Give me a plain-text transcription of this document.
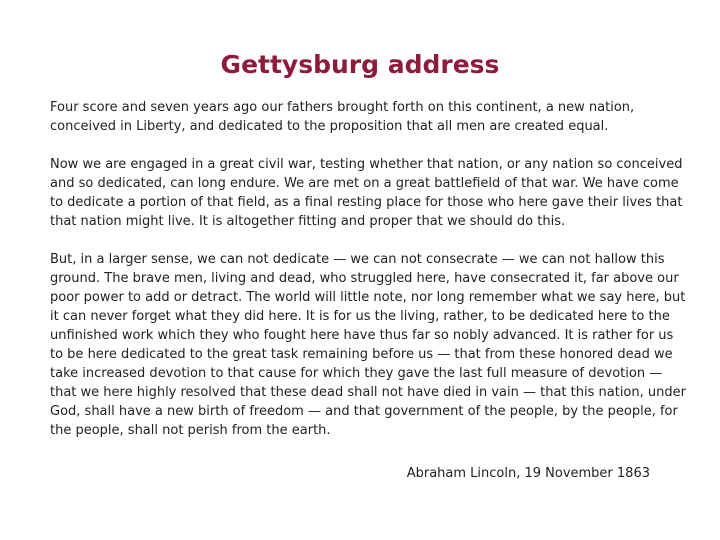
Gettysburg address

Four score and seven years ago our fathers brought forth on this continent, a new nation, conceived in Liberty, and dedicated to the proposition that all men are created equal.

Now we are engaged in a great civil war, testing whether that nation, or any nation so conceived and so dedicated, can long endure. We are met on a great battlefield of that war. We have come to dedicate a portion of that field, as a final resting place for those who here gave their lives that that nation might live. It is altogether fitting and proper that we should do this.

But, in a larger sense, we can not dedicate — we can not consecrate — we can not hallow this ground. The brave men, living and dead, who struggled here, have consecrated it, far above our poor power to add or detract. The world will little note, nor long remember what we say here, but it can never forget what they did here. It is for us the living, rather, to be dedicated here to the unfinished work which they who fought here have thus far so nobly advanced. It is rather for us to be here dedicated to the great task remaining before us — that from these honored dead we take increased devotion to that cause for which they gave the last full measure of devotion — that we here highly resolved that these dead shall not have died in vain — that this nation, under God, shall have a new birth of freedom — and that government of the people, by the people, for the people, shall not perish from the earth.

Abraham Lincoln, 19 November 1863
